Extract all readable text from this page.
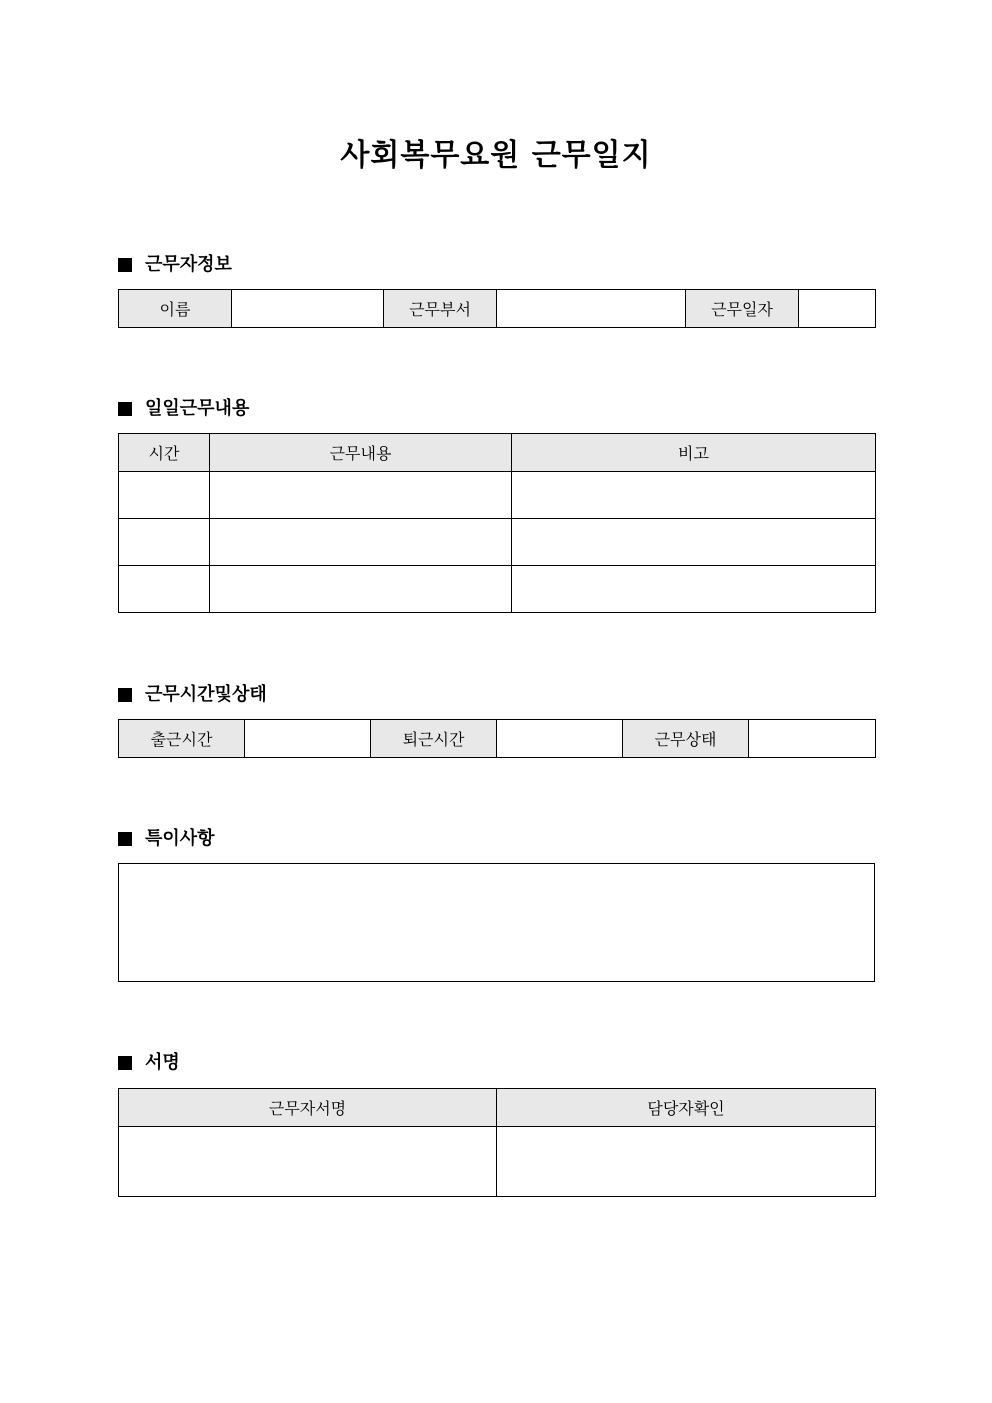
사회복무요원 근무일지
근무자정보
이름		근무부서		근무일자	
일일근무내용
시간	근무내용	비고

근무시간및상태
출근시간		퇴근시간		근무상태	
특이사항
서명
근무자서명	담당자확인
